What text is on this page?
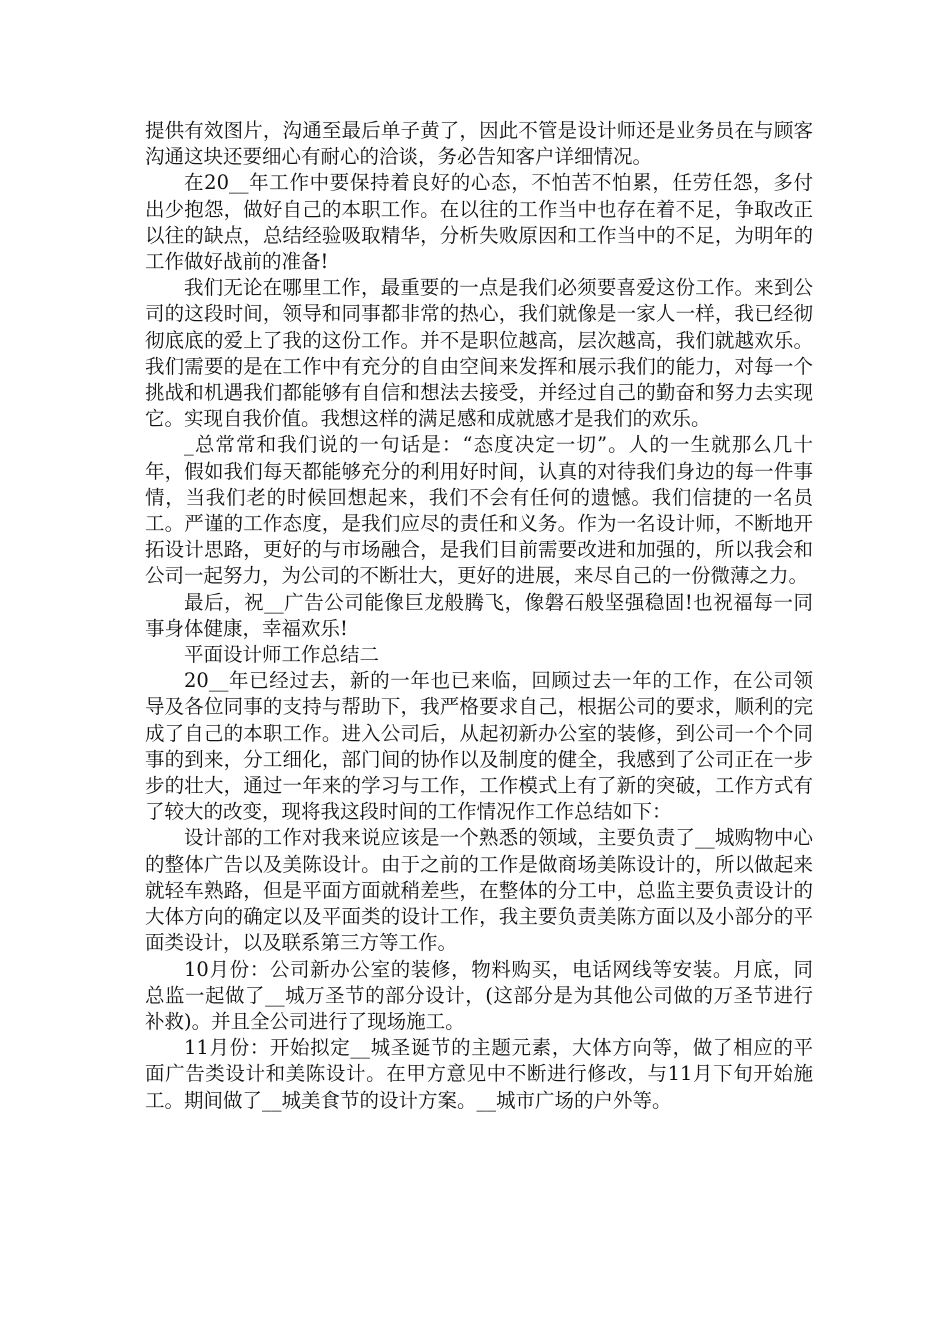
提供有效图片，沟通至最后单子黄了，因此不管是设计师还是业务员在与顾客沟通这块还要细心有耐心的洽谈，务必告知客户详细情况。

在20__年工作中要保持着良好的心态，不怕苦不怕累，任劳任怨，多付出少抱怨，做好自己的本职工作。在以往的工作当中也存在着不足，争取改正以往的缺点，总结经验吸取精华，分析失败原因和工作当中的不足，为明年的工作做好战前的准备!

我们无论在哪里工作，最重要的一点是我们必须要喜爱这份工作。来到公司的这段时间，领导和同事都非常的热心，我们就像是一家人一样，我已经彻彻底底的爱上了我的这份工作。并不是职位越高，层次越高，我们就越欢乐。我们需要的是在工作中有充分的自由空间来发挥和展示我们的能力，对每一个挑战和机遇我们都能够有自信和想法去接受，并经过自己的勤奋和努力去实现它。实现自我价值。我想这样的满足感和成就感才是我们的欢乐。

_总常常和我们说的一句话是：“态度决定一切”。人的一生就那么几十年，假如我们每天都能够充分的利用好时间，认真的对待我们身边的每一件事情，当我们老的时候回想起来，我们不会有任何的遗憾。我们信捷的一名员工。严谨的工作态度，是我们应尽的责任和义务。作为一名设计师，不断地开拓设计思路，更好的与市场融合，是我们目前需要改进和加强的，所以我会和公司一起努力，为公司的不断壮大，更好的进展，来尽自己的一份微薄之力。

最后，祝__广告公司能像巨龙般腾飞，像磐石般坚强稳固!也祝福每一同事身体健康，幸福欢乐!

平面设计师工作总结二

20__年已经过去，新的一年也已来临，回顾过去一年的工作，在公司领导及各位同事的支持与帮助下，我严格要求自己，根据公司的要求，顺利的完成了自己的本职工作。进入公司后，从起初新办公室的装修，到公司一个个同事的到来，分工细化，部门间的协作以及制度的健全，我感到了公司正在一步步的壮大，通过一年来的学习与工作，工作模式上有了新的突破，工作方式有了较大的改变，现将我这段时间的工作情况作工作总结如下：

设计部的工作对我来说应该是一个熟悉的领域，主要负责了__城购物中心的整体广告以及美陈设计。由于之前的工作是做商场美陈设计的，所以做起来就轻车熟路，但是平面方面就稍差些，在整体的分工中，总监主要负责设计的大体方向的确定以及平面类的设计工作，我主要负责美陈方面以及小部分的平面类设计，以及联系第三方等工作。

10月份：公司新办公室的装修，物料购买，电话网线等安装。月底，同总监一起做了__城万圣节的部分设计，(这部分是为其他公司做的万圣节进行补救)。并且全公司进行了现场施工。

11月份：开始拟定__城圣诞节的主题元素，大体方向等，做了相应的平面广告类设计和美陈设计。在甲方意见中不断进行修改，与11月下旬开始施工。期间做了__城美食节的设计方案。__城市广场的户外等。
